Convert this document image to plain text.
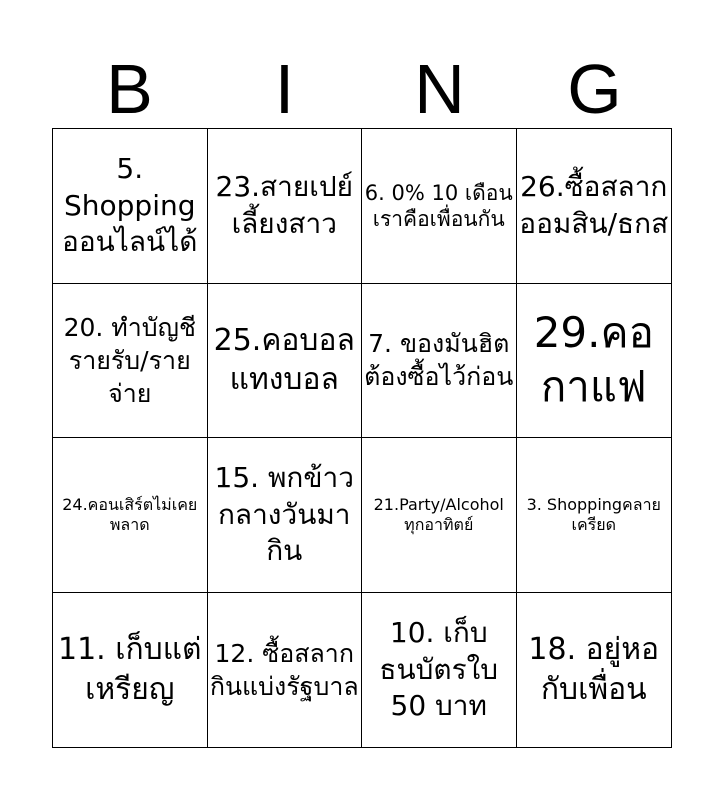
B	I	N	G
5. Shopping ออนไลน์ได้
23.สายเปย์ เลี้ยงสาว
6. 0% 10 เดือน เราคือเพื่อนกัน
26.ซื้อสลาก ออมสิน/ธกส
20. ทำบัญชี รายรับ/รายจ่าย
25.คอบอล แทงบอล
7. ของมันฮิตต้องซื้อไว้ก่อน
29.คอกาแฟ
24.คอนเสิร์ตไม่เคยพลาด
15. พกข้าวกลางวันมากิน
21.Party/Alcohol ทุกอาทิตย์
3. Shoppingคลายเครียด
11. เก็บแต่เหรียญ
12. ซื้อสลากกินแบ่งรัฐบาล
10. เก็บธนบัตรใบ 50 บาท
18. อยู่หอกับเพื่อน
